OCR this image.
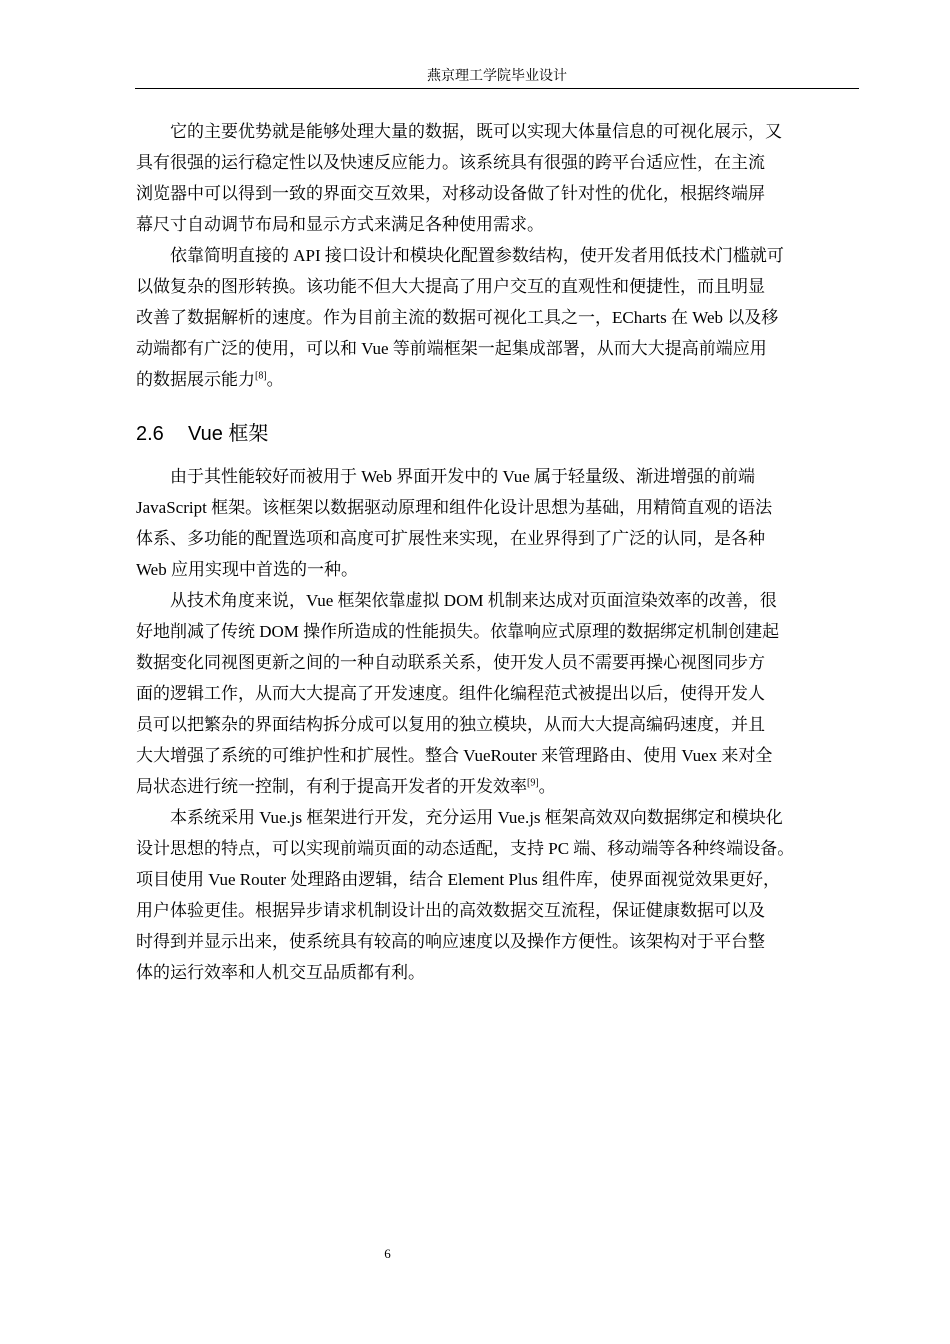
燕京理工学院毕业设计

它的主要优势就是能够处理大量的数据，既可以实现大体量信息的可视化展示，又
具有很强的运行稳定性以及快速反应能力。该系统具有很强的跨平台适应性，在主流
浏览器中可以得到一致的界面交互效果，对移动设备做了针对性的优化，根据终端屏
幕尺寸自动调节布局和显示方式来满足各种使用需求。

依靠简明直接的 API 接口设计和模块化配置参数结构，使开发者用低技术门槛就可
以做复杂的图形转换。该功能不但大大提高了用户交互的直观性和便捷性，而且明显
改善了数据解析的速度。作为目前主流的数据可视化工具之一，ECharts 在 Web 以及移
动端都有广泛的使用，可以和 Vue 等前端框架一起集成部署，从而大大提高前端应用
的数据展示能力[8]。

2.6 Vue 框架

由于其性能较好而被用于 Web 界面开发中的 Vue 属于轻量级、渐进增强的前端
JavaScript 框架。该框架以数据驱动原理和组件化设计思想为基础，用精简直观的语法
体系、多功能的配置选项和高度可扩展性来实现，在业界得到了广泛的认同，是各种
Web 应用实现中首选的一种。

从技术角度来说，Vue 框架依靠虚拟 DOM 机制来达成对页面渲染效率的改善，很
好地削减了传统 DOM 操作所造成的性能损失。依靠响应式原理的数据绑定机制创建起
数据变化同视图更新之间的一种自动联系关系，使开发人员不需要再操心视图同步方
面的逻辑工作，从而大大提高了开发速度。组件化编程范式被提出以后，使得开发人
员可以把繁杂的界面结构拆分成可以复用的独立模块，从而大大提高编码速度，并且
大大增强了系统的可维护性和扩展性。整合 VueRouter 来管理路由、使用 Vuex 来对全
局状态进行统一控制，有利于提高开发者的开发效率[9]。

本系统采用 Vue.js 框架进行开发，充分运用 Vue.js 框架高效双向数据绑定和模块化
设计思想的特点，可以实现前端页面的动态适配，支持 PC 端、移动端等各种终端设备。
项目使用 Vue Router 处理路由逻辑，结合 Element Plus 组件库，使界面视觉效果更好，
用户体验更佳。根据异步请求机制设计出的高效数据交互流程，保证健康数据可以及
时得到并显示出来，使系统具有较高的响应速度以及操作方便性。该架构对于平台整
体的运行效率和人机交互品质都有利。

6
